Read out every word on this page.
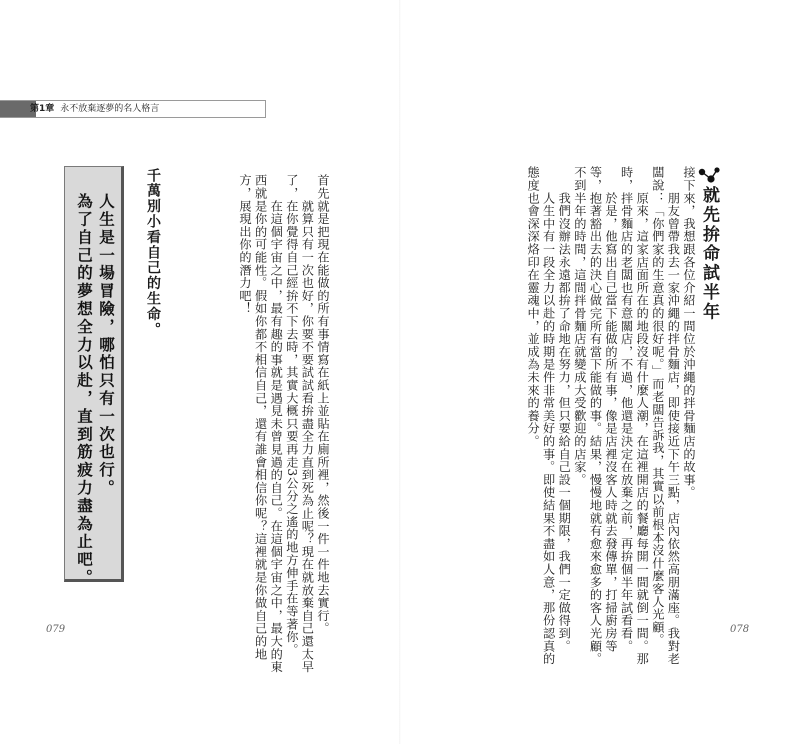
第1章 永不放棄逐夢的名人格言
人生是一場冒險，哪怕只有一次也行。
為了自己的夢想全力以赴，直到筋疲力盡為止吧。	千萬別小看自己的生命。	首先就是把現在能做的所有事情寫在紙上並貼在廁所裡，然後一件一件地去實行。
　　就算只有一次也好，你要不要試試看拚盡全力直到死為止呢？現在就放棄自己還太早
了，在你覺得自己經拚不下去時，其實大概只要再走3公分之遙的地方伸手在等著你。
　　在這個宇宙之中，最有趣的事就是遇見未曾見過的自己。在這個宇宙之中，最大的東
西就是你的可能性。假如你都不相信自己，還有誰會相信你呢？這裡就是你做自己的地
方，展現出你的潛力吧！
079
接下來，我想跟各位介紹一間位於沖繩的拌骨麵店的故事。
　　朋友曾帶我去一家沖繩的拌骨麵店，即使接近下午三點，店內依然高朋滿座。我對老
闆說：「你們家的生意真的很好呢。」而老闆告訴我，其實以前根本沒什麼客人光顧。
　　原來，這家店面所在的地段沒有什麼人潮，在這裡開店的餐廳每開一間就倒一間。那
時，拌骨麵店的老闆也有意關店，不過，他還是決定在放棄之前，再拚個半年試看看。
　　於是，他寫出自己當下能做的所有事，像是店裡沒客人時就去發傳單，打掃廚房等
等，抱著豁出去的決心做完所有當下能做的事。結果，慢慢地就有愈來愈多的客人光顧。
不到半年的時間，這間拌骨麵店就變成大受歡迎的店家。
　　我們沒辦法永遠都拚了命地在努力，但只要給自己設一個期限，我們一定做得到。
　　人生中有一段全力以赴的時期是件非常美好的事。即使結果不盡如人意，那份認真的
態度也會深深烙印在靈魂中，並成為未來的養分。
078
就先拚命試半年
